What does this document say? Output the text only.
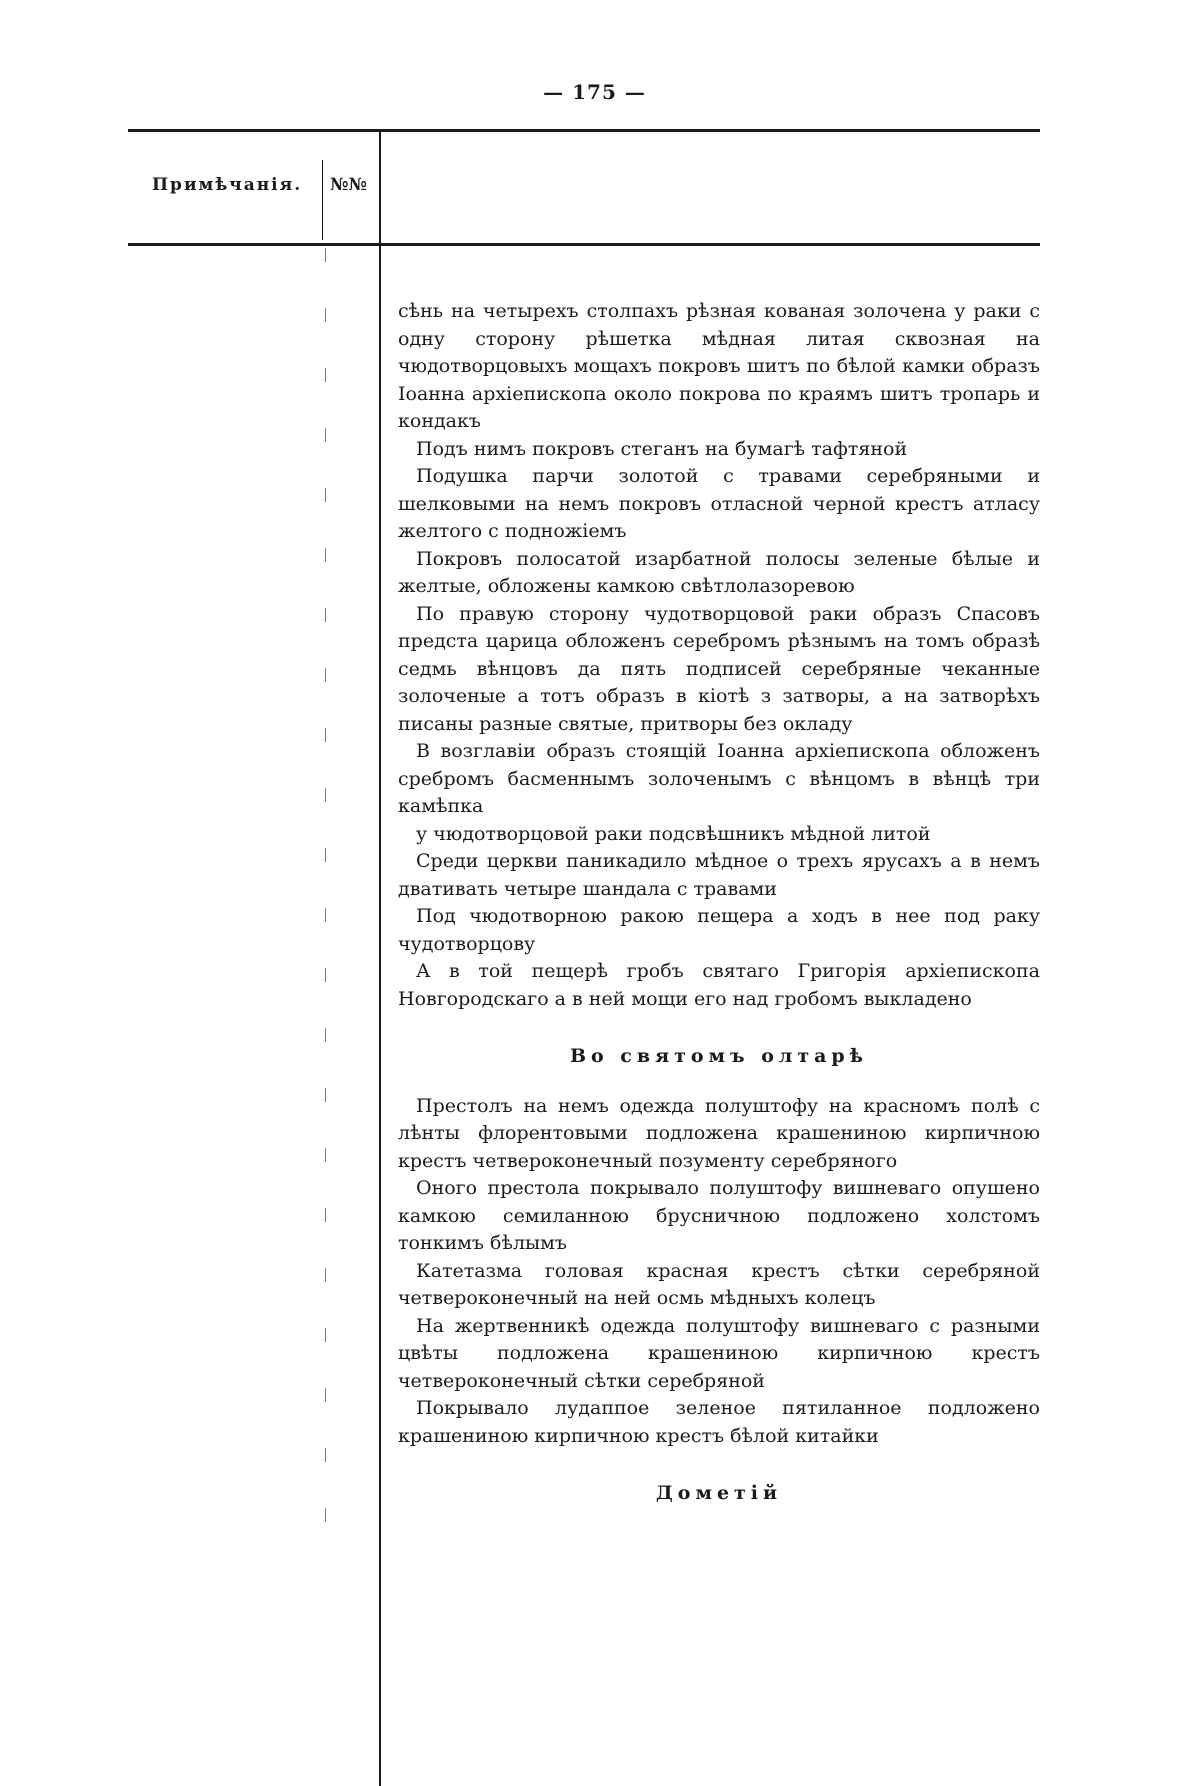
— 175 —
Примѣчанія. №№

сѣнь на четырехъ столпахъ рѣзная кованая золочена у раки с одну сторону рѣшетка мѣдная литая сквозная на чюдотворцовыхъ мощахъ покровъ шитъ по бѣлой камки образъ Іоанна архіепископа около покрова по краямъ шитъ тропарь и кондакъ

Подъ нимъ покровъ стеганъ на бумагѣ тафтяной

Подушка парчи золотой с травами серебряными и шелковыми на немъ покровъ отласной черной крестъ атласу желтого с подножіемъ

Покровъ полосатой изарбатной полосы зеленые бѣлые и желтые, обложены камкою свѣтлолазоревою

По правую сторону чудотворцовой раки образъ Спасовъ предста царица обложенъ серебромъ рѣзнымъ на томъ образѣ седмь вѣнцовъ да пять подписей серебряные чеканные золоченые а тотъ образъ в кіотѣ з затворы, а на затворѣхъ писаны разные святые, притворы без окладу

В возглавіи образъ стоящій Іоанна архіепископа обложенъ сребромъ басменнымъ золоченымъ с вѣнцомъ в вѣнцѣ три камѣпка

у чюдотворцовой раки подсвѣшникъ мѣдной литой

Среди церкви паникадило мѣдное о трехъ ярусахъ а в немъ двативать четыре шандала с травами

Под чюдотворною ракою пещера а ходъ в нее под раку чудотворцову

А в той пещерѣ гробъ святаго Григорія архіепископа Новгородскаго а в ней мощи его над гробомъ выкладено

Во святомъ олтарѣ

Престолъ на немъ одежда полуштофу на красномъ полѣ с лѣнты флорентовыми подложена крашениною кирпичною крестъ четвероконечный позументу серебряного

Оного престола покрывало полуштофу вишневаго опушено камкою семиланною брусничною подложено холстомъ тонкимъ бѣлымъ

Катетазма головая красная крестъ сѣтки серебряной четвероконечный на ней осмь мѣдныхъ колецъ

На жертвенникѣ одежда полуштофу вишневаго с разными цвѣты подложена крашениною кирпичною крестъ четвероконечный сѣтки серебряной

Покрывало лудаппое зеленое пятиланное подложено крашениною кирпичною крестъ бѣлой китайки

Дометій
